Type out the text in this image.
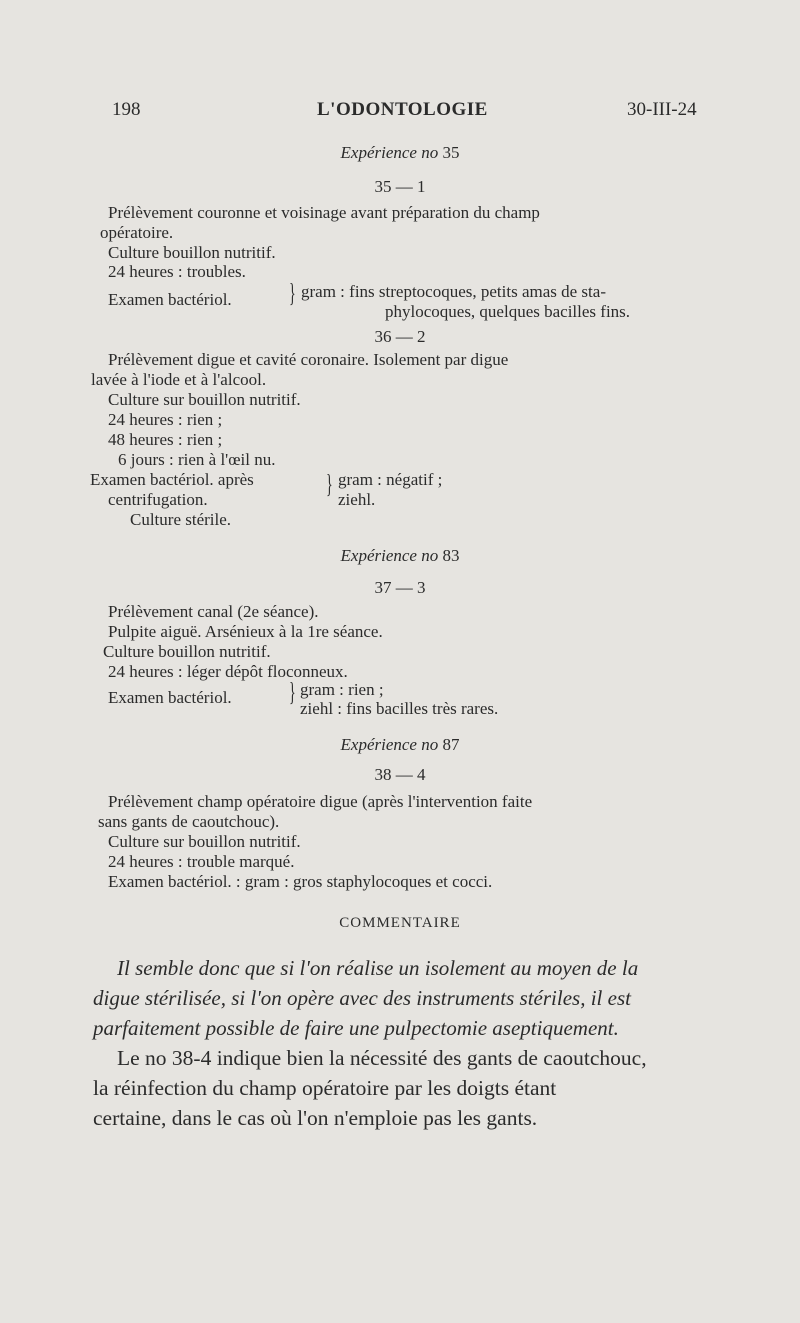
198	L'ODONTOLOGIE	30-III-24
Expérience no 35
35 — 1
Prélèvement couronne et voisinage avant préparation du champ
opératoire.
Culture bouillon nutritif.
24 heures : troubles.
Examen bactériol.	} gram : fins streptocoques, petits amas de sta-
phylocoques, quelques bacilles fins.
36 — 2
Prélèvement digue et cavité coronaire. Isolement par digue
lavée à l'iode et à l'alcool.
Culture sur bouillon nutritif.
24 heures : rien ;
48 heures : rien ;
6 jours : rien à l'œil nu.
Examen bactériol. après	} gram : négatif ;
centrifugation.	ziehl.
Culture stérile.
Expérience no 83
37 — 3
Prélèvement canal (2e séance).
Pulpite aiguë. Arsénieux à la 1re séance.
Culture bouillon nutritif.
24 heures : léger dépôt floconneux.
Examen bactériol.	} gram : rien ;
ziehl : fins bacilles très rares.
Expérience no 87
38 — 4
Prélèvement champ opératoire digue (après l'intervention faite
sans gants de caoutchouc).
Culture sur bouillon nutritif.
24 heures : trouble marqué.
Examen bactériol. : gram : gros staphylocoques et cocci.
COMMENTAIRE
Il semble donc que si l'on réalise un isolement au moyen de la
digue stérilisée, si l'on opère avec des instruments stériles, il est
parfaitement possible de faire une pulpectomie aseptiquement.
Le no 38-4 indique bien la nécessité des gants de caoutchouc,
la réinfection du champ opératoire par les doigts étant
certaine, dans le cas où l'on n'emploie pas les gants.
